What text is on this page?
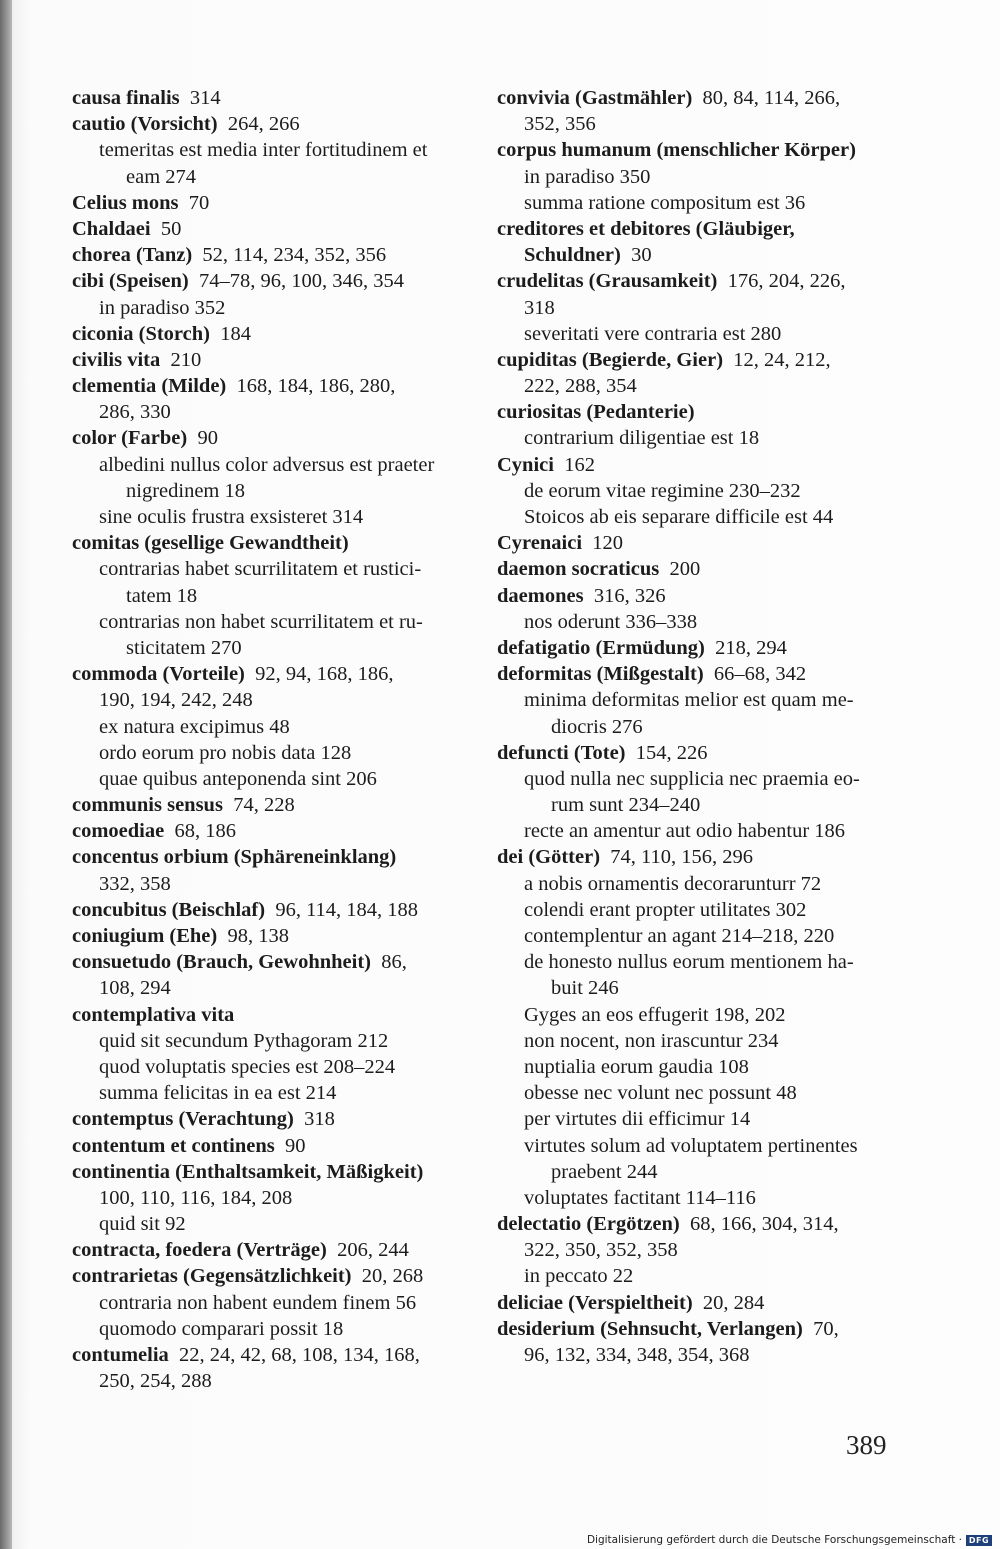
causa finalis 314
cautio (Vorsicht) 264, 266
temeritas est media inter fortitudinem et
eam 274
Celius mons 70
Chaldaei 50
chorea (Tanz) 52, 114, 234, 352, 356
cibi (Speisen) 74–78, 96, 100, 346, 354
in paradiso 352
ciconia (Storch) 184
civilis vita 210
clementia (Milde) 168, 184, 186, 280,
286, 330
color (Farbe) 90
albedini nullus color adversus est praeter
nigredinem 18
sine oculis frustra exsisteret 314
comitas (gesellige Gewandtheit)
contrarias habet scurrilitatem et rustici-
tatem 18
contrarias non habet scurrilitatem et ru-
sticitatem 270
commoda (Vorteile) 92, 94, 168, 186,
190, 194, 242, 248
ex natura excipimus 48
ordo eorum pro nobis data 128
quae quibus anteponenda sint 206
communis sensus 74, 228
comoediae 68, 186
concentus orbium (Sphäreneinklang)
332, 358
concubitus (Beischlaf) 96, 114, 184, 188
coniugium (Ehe) 98, 138
consuetudo (Brauch, Gewohnheit) 86,
108, 294
contemplativa vita
quid sit secundum Pythagoram 212
quod voluptatis species est 208–224
summa felicitas in ea est 214
contemptus (Verachtung) 318
contentum et continens 90
continentia (Enthaltsamkeit, Mäßigkeit)
100, 110, 116, 184, 208
quid sit 92
contracta, foedera (Verträge) 206, 244
contrarietas (Gegensätzlichkeit) 20, 268
contraria non habent eundem finem 56
quomodo comparari possit 18
contumelia 22, 24, 42, 68, 108, 134, 168,
250, 254, 288
convivia (Gastmähler) 80, 84, 114, 266,
352, 356
corpus humanum (menschlicher Körper)
in paradiso 350
summa ratione compositum est 36
creditores et debitores (Gläubiger,
Schuldner) 30
crudelitas (Grausamkeit) 176, 204, 226,
318
severitati vere contraria est 280
cupiditas (Begierde, Gier) 12, 24, 212,
222, 288, 354
curiositas (Pedanterie)
contrarium diligentiae est 18
Cynici 162
de eorum vitae regimine 230–232
Stoicos ab eis separare difficile est 44
Cyrenaici 120
daemon socraticus 200
daemones 316, 326
nos oderunt 336–338
defatigatio (Ermüdung) 218, 294
deformitas (Mißgestalt) 66–68, 342
minima deformitas melior est quam me-
diocris 276
defuncti (Tote) 154, 226
quod nulla nec supplicia nec praemia eo-
rum sunt 234–240
recte an amentur aut odio habentur 186
dei (Götter) 74, 110, 156, 296
a nobis ornamentis decorarunturr 72
colendi erant propter utilitates 302
contemplentur an agant 214–218, 220
de honesto nullus eorum mentionem ha-
buit 246
Gyges an eos effugerit 198, 202
non nocent, non irascuntur 234
nuptialia eorum gaudia 108
obesse nec volunt nec possunt 48
per virtutes dii efficimur 14
virtutes solum ad voluptatem pertinentes
praebent 244
voluptates factitant 114–116
delectatio (Ergötzen) 68, 166, 304, 314,
322, 350, 352, 358
in peccato 22
deliciae (Verspieltheit) 20, 284
desiderium (Sehnsucht, Verlangen) 70,
96, 132, 334, 348, 354, 368
389
Digitalisierung gefördert durch die Deutsche Forschungsgemeinschaft · DFG
